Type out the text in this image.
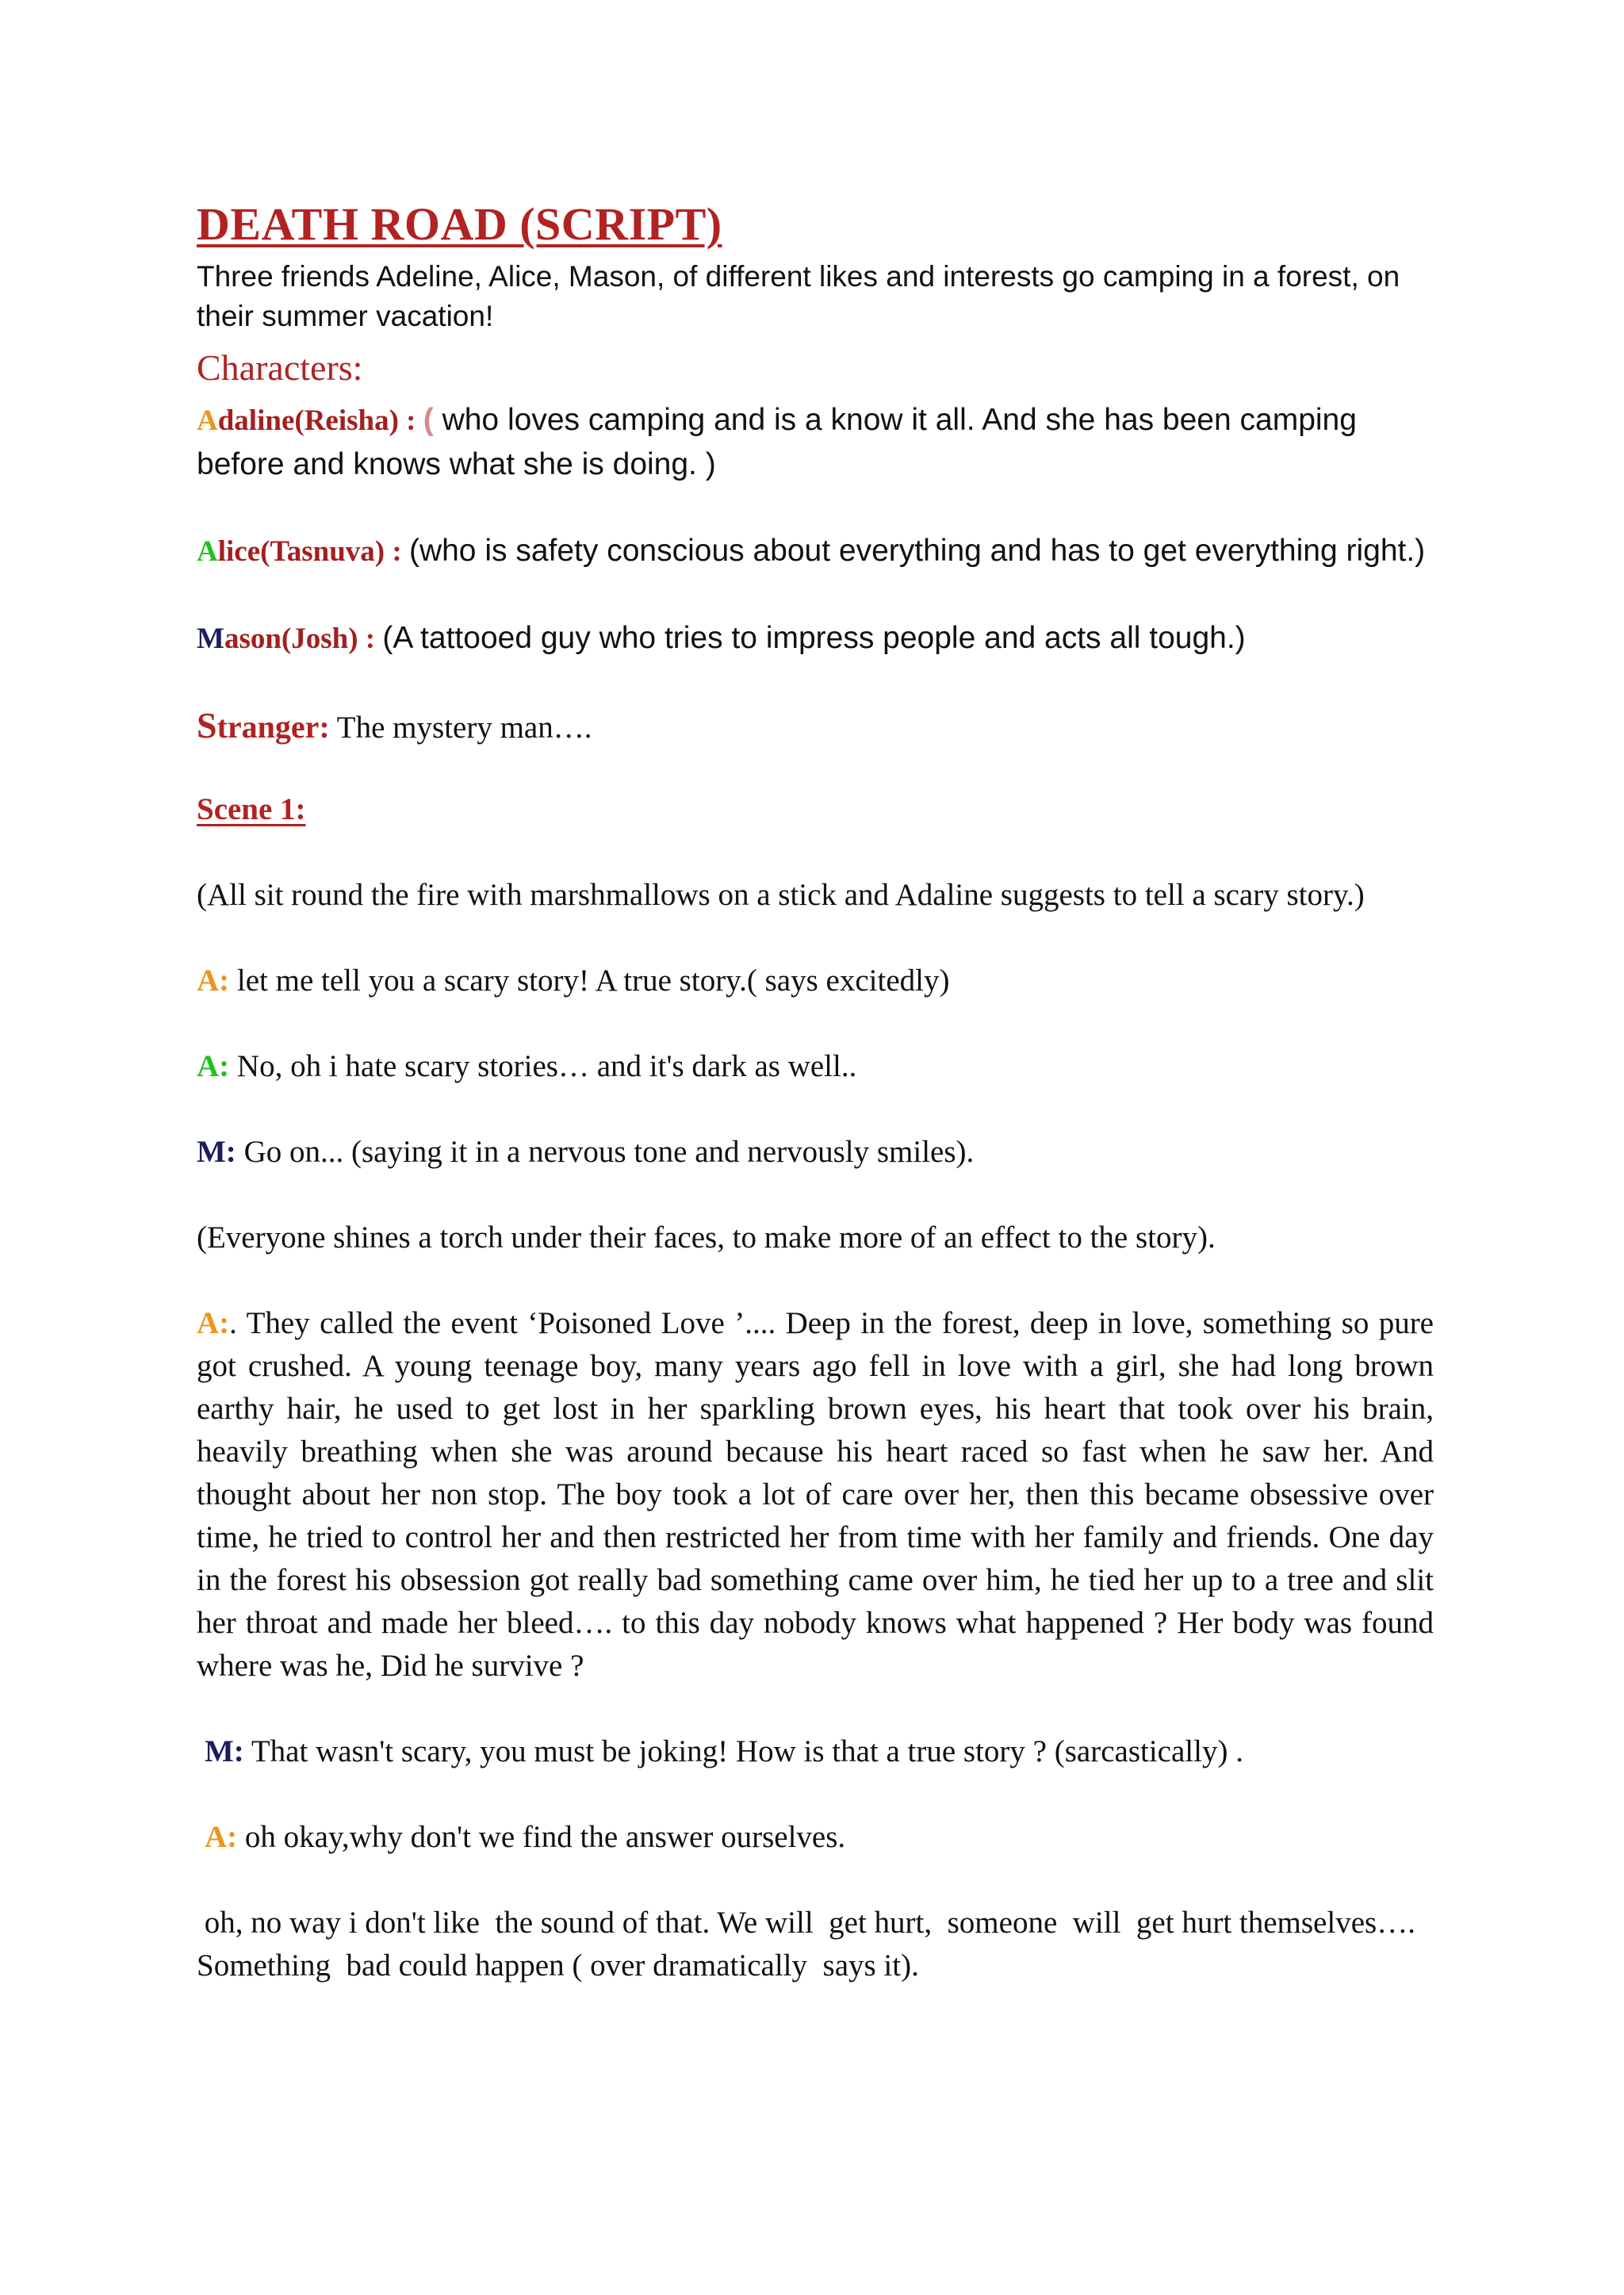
DEATH ROAD (SCRIPT)

Three friends Adeline, Alice, Mason, of different likes and interests go camping in a forest, on their summer vacation!

Characters:
Adaline(Reisha) : ( who loves camping and is a know it all. And she has been camping before and knows what she is doing. )
Alice(Tasnuva) : (who is safety conscious about everything and has to get everything right.)
Mason(Josh) : (A tattooed guy who tries to impress people and acts all tough.)
Stranger: The mystery man….
Scene 1:
(All sit round the fire with marshmallows on a stick and Adaline suggests to tell a scary story.)
A: let me tell you a scary story! A true story.( says excitedly)
A: No, oh i hate scary stories… and it's dark as well..
M: Go on... (saying it in a nervous tone and nervously smiles).
(Everyone shines a torch under their faces, to make more of an effect to the story).
A:. They called the event ‘Poisoned Love ’.... Deep in the forest, deep in love, something so pure got crushed. A young teenage boy, many years ago fell in love with a girl, she had long brown earthy hair, he used to get lost in her sparkling brown eyes, his heart that took over his brain, heavily breathing when she was around because his heart raced so fast when he saw her. And thought about her non stop. The boy took a lot of care over her, then this became obsessive over time, he tried to control her and then restricted her from time with her family and friends. One day in the forest his obsession got really bad something came over him, he tied her up to a tree and slit her throat and made her bleed…. to this day nobody knows what happened ? Her body was found where was he, Did he survive ?
M: That wasn't scary, you must be joking! How is that a true story ? (sarcastically) .
A: oh okay,why don't we find the answer ourselves.
oh, no way i don't like  the sound of that. We will  get hurt,  someone  will  get hurt themselves….  Something  bad could happen ( over dramatically  says it).
